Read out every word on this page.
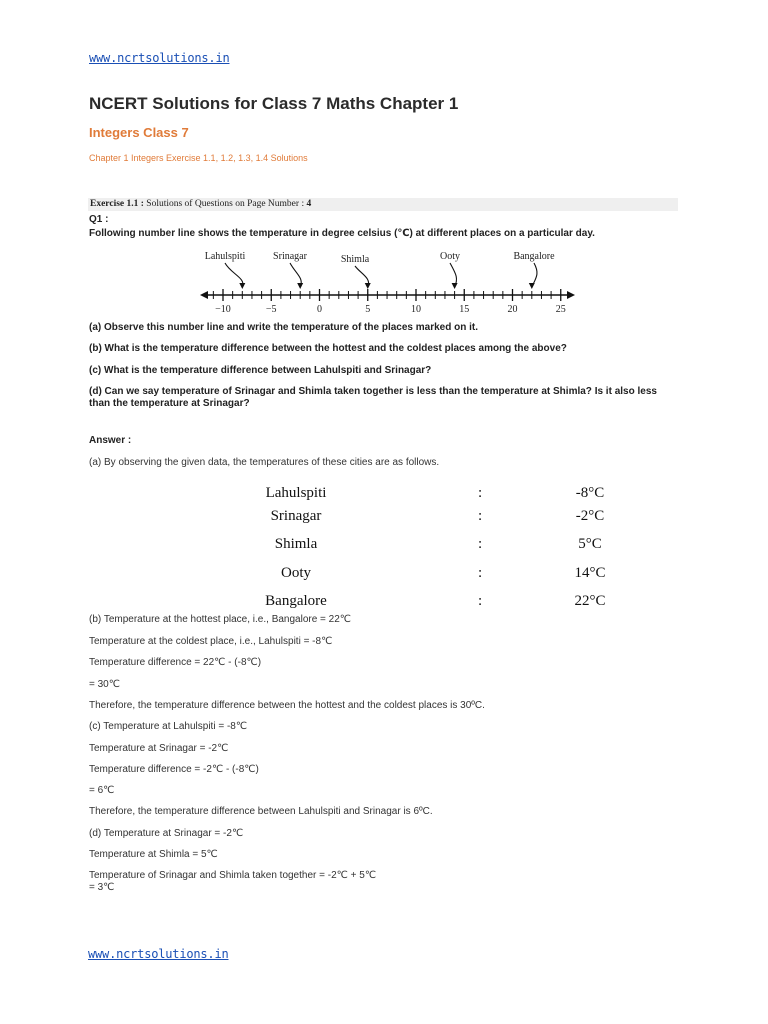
www.ncrtsolutions.in
NCERT Solutions for Class 7 Maths Chapter 1
Integers Class 7
Chapter 1 Integers Exercise 1.1, 1.2, 1.3, 1.4 Solutions
Exercise 1.1 : Solutions of Questions on Page Number : 4
Q1 :
Following number line shows the temperature in degree celsius (℃) at different places on a particular day.
Lahulspiti	Srinagar	Shimla	Ooty	Bangalore
−10	−5	0	5	10	15	20	25
(a) Observe this number line and write the temperature of the places marked on it.
(b) What is the temperature difference between the hottest and the coldest places among the above?
(c) What is the temperature difference between Lahulspiti and Srinagar?
(d) Can we say temperature of Srinagar and Shimla taken together is less than the temperature at Shimla? Is it also less than the temperature at Srinagar?
Answer :
(a) By observing the given data, the temperatures of these cities are as follows.
Lahulspiti	:	-8°C
Srinagar	:	-2°C
Shimla	:	5°C
Ooty	:	14°C
Bangalore	:	22°C
(b) Temperature at the hottest place, i.e., Bangalore = 22℃
Temperature at the coldest place, i.e., Lahulspiti = -8℃
Temperature difference = 22℃ - (-8℃)
= 30℃
Therefore, the temperature difference between the hottest and the coldest places is 30ºC.
(c) Temperature at Lahulspiti = -8℃
Temperature at Srinagar = -2℃
Temperature difference = -2℃ - (-8℃)
= 6℃
Therefore, the temperature difference between Lahulspiti and Srinagar is 6ºC.
(d) Temperature at Srinagar = -2℃
Temperature at Shimla = 5℃
Temperature of Srinagar and Shimla taken together = -2℃ + 5℃
= 3℃
www.ncrtsolutions.in
